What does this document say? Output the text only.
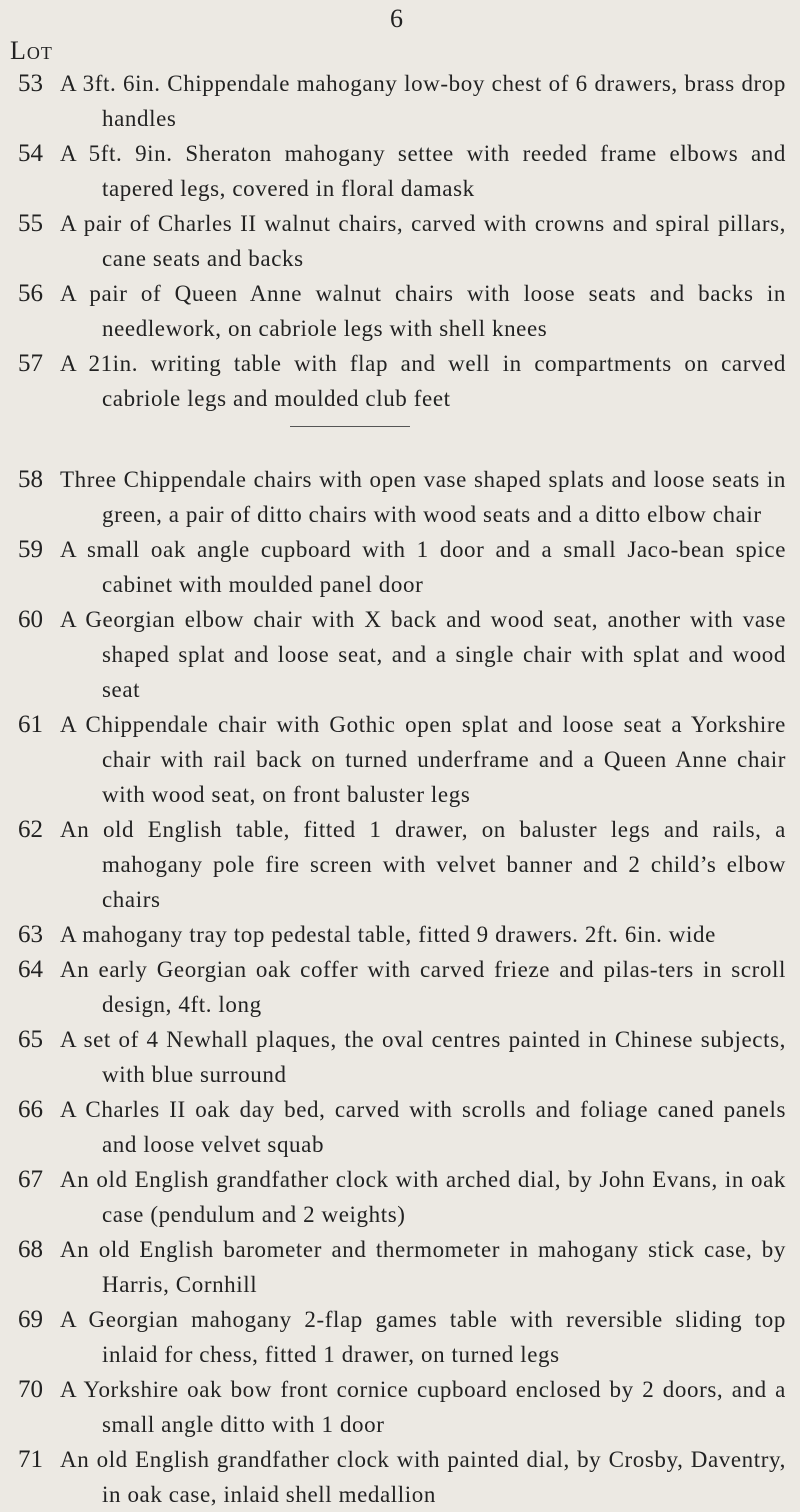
6
Lot
53 A 3ft. 6in. Chippendale mahogany low-boy chest of 6 drawers, brass drop handles
54 A 5ft. 9in. Sheraton mahogany settee with reeded frame elbows and tapered legs, covered in floral damask
55 A pair of Charles II walnut chairs, carved with crowns and spiral pillars, cane seats and backs
56 A pair of Queen Anne walnut chairs with loose seats and backs in needlework, on cabriole legs with shell knees
57 A 21in. writing table with flap and well in compartments on carved cabriole legs and moulded club feet
58 Three Chippendale chairs with open vase shaped splats and loose seats in green, a pair of ditto chairs with wood seats and a ditto elbow chair
59 A small oak angle cupboard with 1 door and a small Jaco-bean spice cabinet with moulded panel door
60 A Georgian elbow chair with X back and wood seat, another with vase shaped splat and loose seat, and a single chair with splat and wood seat
61 A Chippendale chair with Gothic open splat and loose seat a Yorkshire chair with rail back on turned underframe and a Queen Anne chair with wood seat, on front baluster legs
62 An old English table, fitted 1 drawer, on baluster legs and rails, a mahogany pole fire screen with velvet banner and 2 child’s elbow chairs
63 A mahogany tray top pedestal table, fitted 9 drawers. 2ft. 6in. wide
64 An early Georgian oak coffer with carved frieze and pilas-ters in scroll design, 4ft. long
65 A set of 4 Newhall plaques, the oval centres painted in Chinese subjects, with blue surround
66 A Charles II oak day bed, carved with scrolls and foliage caned panels and loose velvet squab
67 An old English grandfather clock with arched dial, by John Evans, in oak case (pendulum and 2 weights)
68 An old English barometer and thermometer in mahogany stick case, by Harris, Cornhill
69 A Georgian mahogany 2-flap games table with reversible sliding top inlaid for chess, fitted 1 drawer, on turned legs
70 A Yorkshire oak bow front cornice cupboard enclosed by 2 doors, and a small angle ditto with 1 door
71 An old English grandfather clock with painted dial, by Crosby, Daventry, in oak case, inlaid shell medallion
